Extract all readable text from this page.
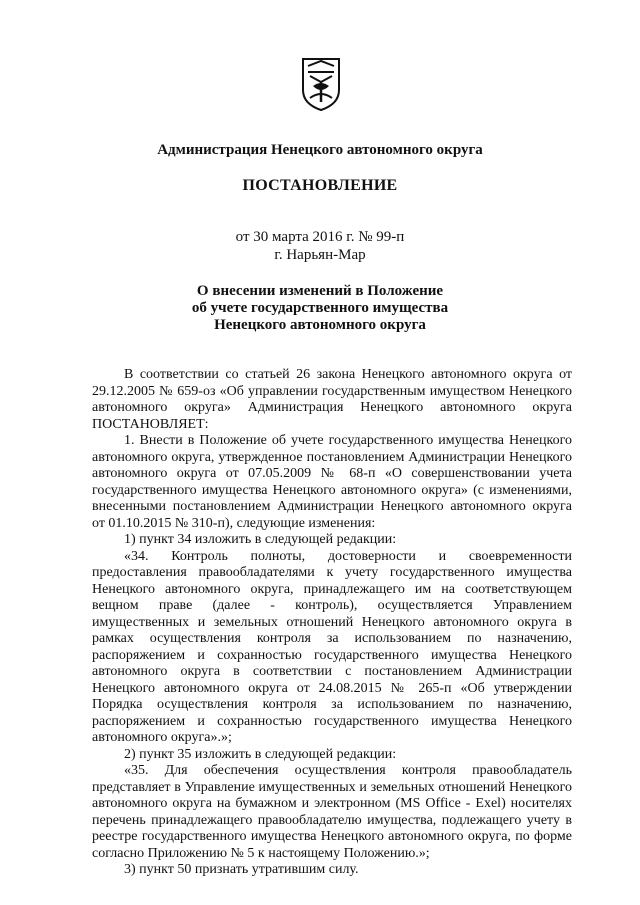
Администрация Ненецкого автономного округа
ПОСТАНОВЛЕНИЕ
от 30 марта 2016 г. № 99-п
г. Нарьян-Мар
О внесении изменений в Положение
об учете государственного имущества
Ненецкого автономного округа

В соответствии со статьей 26 закона Ненецкого автономного округа от 29.12.2005 № 659-оз «Об управлении государственным имуществом Ненецкого автономного округа» Администрация Ненецкого автономного округа ПОСТАНОВЛЯЕТ:

1. Внести в Положение об учете государственного имущества Ненецкого автономного округа, утвержденное постановлением Администрации Ненецкого автономного округа от 07.05.2009 № 68-п «О совершенствовании учета государственного имущества Ненецкого автономного округа» (с изменениями, внесенными постановлением Администрации Ненецкого автономного округа от 01.10.2015 № 310-п), следующие изменения:

1) пункт 34 изложить в следующей редакции:

«34. Контроль полноты, достоверности и своевременности предоставления правообладателями к учету государственного имущества Ненецкого автономного округа, принадлежащего им на соответствующем вещном праве (далее - контроль), осуществляется Управлением имущественных и земельных отношений Ненецкого автономного округа в рамках осуществления контроля за использованием по назначению, распоряжением и сохранностью государственного имущества Ненецкого автономного округа в соответствии с постановлением Администрации Ненецкого автономного округа от 24.08.2015 № 265-п «Об утверждении Порядка осуществления контроля за использованием по назначению, распоряжением и сохранностью государственного имущества Ненецкого автономного округа».»;

2) пункт 35 изложить в следующей редакции:

«35. Для обеспечения осуществления контроля правообладатель представляет в Управление имущественных и земельных отношений Ненецкого автономного округа на бумажном и электронном (MS Office - Exel) носителях перечень принадлежащего правообладателю имущества, подлежащего учету в реестре государственного имущества Ненецкого автономного округа, по форме согласно Приложению № 5 к настоящему Положению.»;

3) пункт 50 признать утратившим силу.
